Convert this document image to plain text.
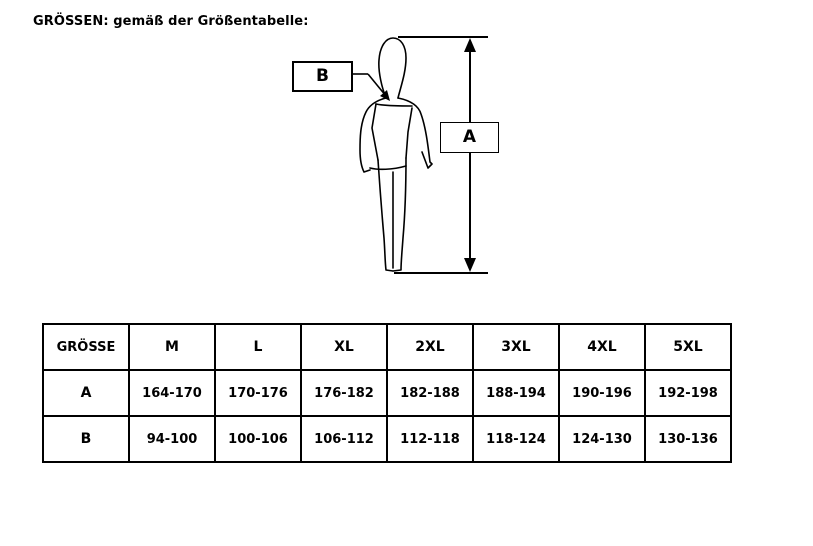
GRÖSSEN: gemäß der Größentabelle:
B
A
GRÖSSE	M	L	XL	2XL	3XL	4XL	5XL
A	164-170	170-176	176-182	182-188	188-194	190-196	192-198
B	94-100	100-106	106-112	112-118	118-124	124-130	130-136
